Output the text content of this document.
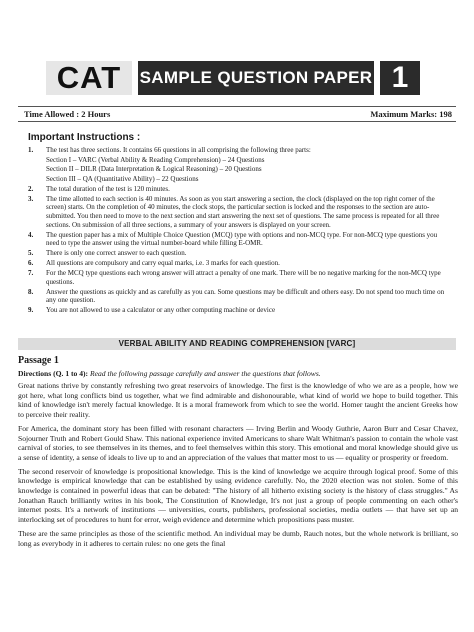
CAT	SAMPLE QUESTION PAPER 1
Time Allowed : 2 Hours	Maximum Marks: 198
Important Instructions :
1. The test has three sections. It contains 66 questions in all comprising the following three parts:
Section I – VARC (Verbal Ability & Reading Comprehension) – 24 Questions
Section II – DILR (Data Interpretation & Logical Reasoning) – 20 Questions
Section III – QA (Quantitative Ability) – 22 Questions
2. The total duration of the test is 120 minutes.
3. The time allotted to each section is 40 minutes. As soon as you start answering a section, the clock (displayed on the top right corner of the screen) starts. On the completion of 40 minutes, the clock stops, the particular section is locked and the responses to the section are auto-submitted. You then need to move to the next section and start answering the next set of questions. The same process is repeated for all three sections. On submission of all three sections, a summary of your answers is displayed on your screen.
4. The question paper has a mix of Multiple Choice Question (MCQ) type with options and non-MCQ type. For non-MCQ type questions you need to type the answer using the virtual number-board while filling E-OMR.
5. There is only one correct answer to each question.
6. All questions are compulsory and carry equal marks, i.e. 3 marks for each question.
7. For the MCQ type questions each wrong answer will attract a penalty of one mark. There will be no negative marking for the non-MCQ type questions.
8. Answer the questions as quickly and as carefully as you can. Some questions may be difficult and others easy. Do not spend too much time on any one question.
9. You are not allowed to use a calculator or any other computing machine or device
VERBAL ABILITY AND READING COMPREHENSION [VARC]
Passage 1
Directions (Q. 1 to 4): Read the following passage carefully and answer the questions that follows.

Great nations thrive by constantly refreshing two great reservoirs of knowledge. The first is the knowledge of who we are as a people, how we got here, what long conflicts bind us together, what we find admirable and dishonourable, what kind of world we hope to build together. This kind of knowledge isn't merely factual knowledge. It is a moral framework from which to see the world. Homer taught the ancient Greeks how to perceive their reality.

For America, the dominant story has been filled with resonant characters — Irving Berlin and Woody Guthrie, Aaron Burr and Cesar Chavez, Sojourner Truth and Robert Gould Shaw. This national experience invited Americans to share Walt Whitman's passion to contain the whole vast carnival of stories, to see themselves in its themes, and to feel themselves within this story. This emotional and moral knowledge should give us a sense of identity, a sense of ideals to live up to and an appreciation of the values that matter most to us — equality or prosperity or freedom.

The second reservoir of knowledge is propositional knowledge. This is the kind of knowledge we acquire through logical proof. Some of this knowledge is empirical knowledge that can be established by using evidence carefully. No, the 2020 election was not stolen. Some of this knowledge is contained in powerful ideas that can be debated: "The history of all hitherto existing society is the history of class struggles." As Jonathan Rauch brilliantly writes in his book, The Constitution of Knowledge, It's not just a group of people commenting on each other's internet posts. It's a network of institutions — universities, courts, publishers, professional societies, media outlets — that have set up an interlocking set of procedures to hunt for error, weigh evidence and determine which propositions pass muster.

These are the same principles as those of the scientific method. An individual may be dumb, Rauch notes, but the whole network is brilliant, so long as everybody in it adheres to certain rules: no one gets the final
